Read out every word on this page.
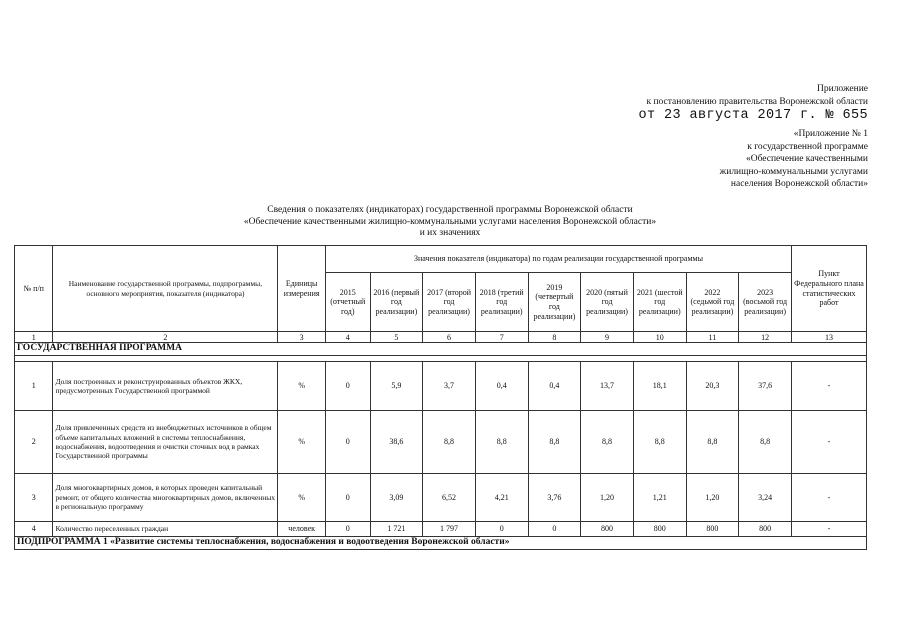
Приложение
к постановлению правительства Воронежской области
от 23 августа 2017 г. № 655
«Приложение № 1
к государственной программе
«Обеспечение качественными
жилищно-коммунальными услугами
населения Воронежской области»
Сведения о показателях (индикаторах) государственной программы Воронежской области
«Обеспечение качественными жилищно-коммунальными услугами населения Воронежской области»
и их значениях
№ п/п	Наименование государственной программы, подпрограммы, основного мероприятия, показателя (индикатора)	Единицы измерения	Значения показателя (индикатора) по годам реализации государственной программы									Пункт Федерального плана статистических работ
			2015 (отчетный год)	2016 (первый год реализации)	2017 (второй год реализации)	2018 (третий год реализации)	2019 (четвертый год реализации)	2020 (пятый год реализации)	2021 (шестой год реализации)	2022 (седьмой год реализации)	2023 (восьмой год реализации)	
1	2	3	4	5	6	7	8	9	10	11	12	13
ГОСУДАРСТВЕННАЯ ПРОГРАММА												

1	Доля построенных и реконструированных объектов ЖКХ, предусмотренных Государственной программой	%	0	5,9	3,7	0,4	0,4	13,7	18,1	20,3	37,6	-
2	Доля привлеченных средств из внебюджетных источников в общем объеме капитальных вложений в системы теплоснабжения, водоснабжения, водоотведения и очистки сточных вод в рамках Государственной программы	%	0	38,6	8,8	8,8	8,8	8,8	8,8	8,8	8,8	-
3	Доля многоквартирных домов, в которых проведен капитальный ремонт, от общего количества многоквартирных домов, включенных в региональную программу	%	0	3,09	6,52	4,21	3,76	1,20	1,21	1,20	3,24	-
4	Количество переселенных граждан	человек	0	1 721	1 797	0	0	800	800	800	800	-
ПОДПРОГРАММА 1 «Развитие системы теплоснабжения, водоснабжения и водоотведения Воронежской области»												
